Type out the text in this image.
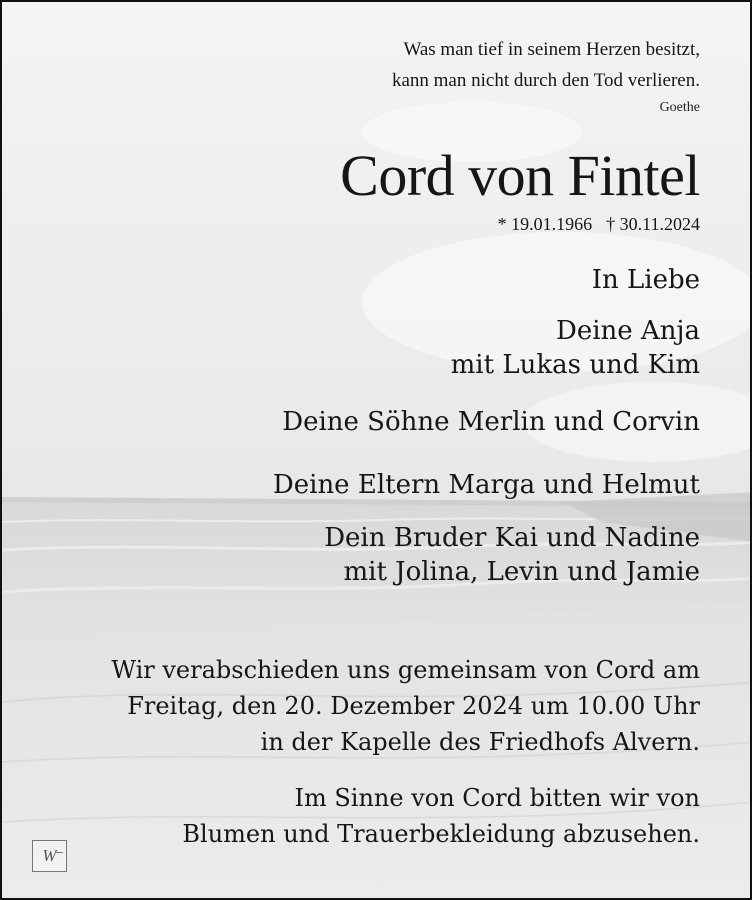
Was man tief in seinem Herzen besitzt,
kann man nicht durch den Tod verlieren.

Goethe

Cord von Fintel

* 19.01.1966 † 30.11.2024

In Liebe

Deine Anja
mit Lukas und Kim

Deine Söhne Merlin und Corvin

Deine Eltern Marga und Helmut

Dein Bruder Kai und Nadine
mit Jolina, Levin und Jamie

Wir verabschieden uns gemeinsam von Cord am
Freitag, den 20. Dezember 2024 um 10.00 Uhr
in der Kapelle des Friedhofs Alvern.

Im Sinne von Cord bitten wir von
Blumen und Trauerbekleidung abzusehen.

W
